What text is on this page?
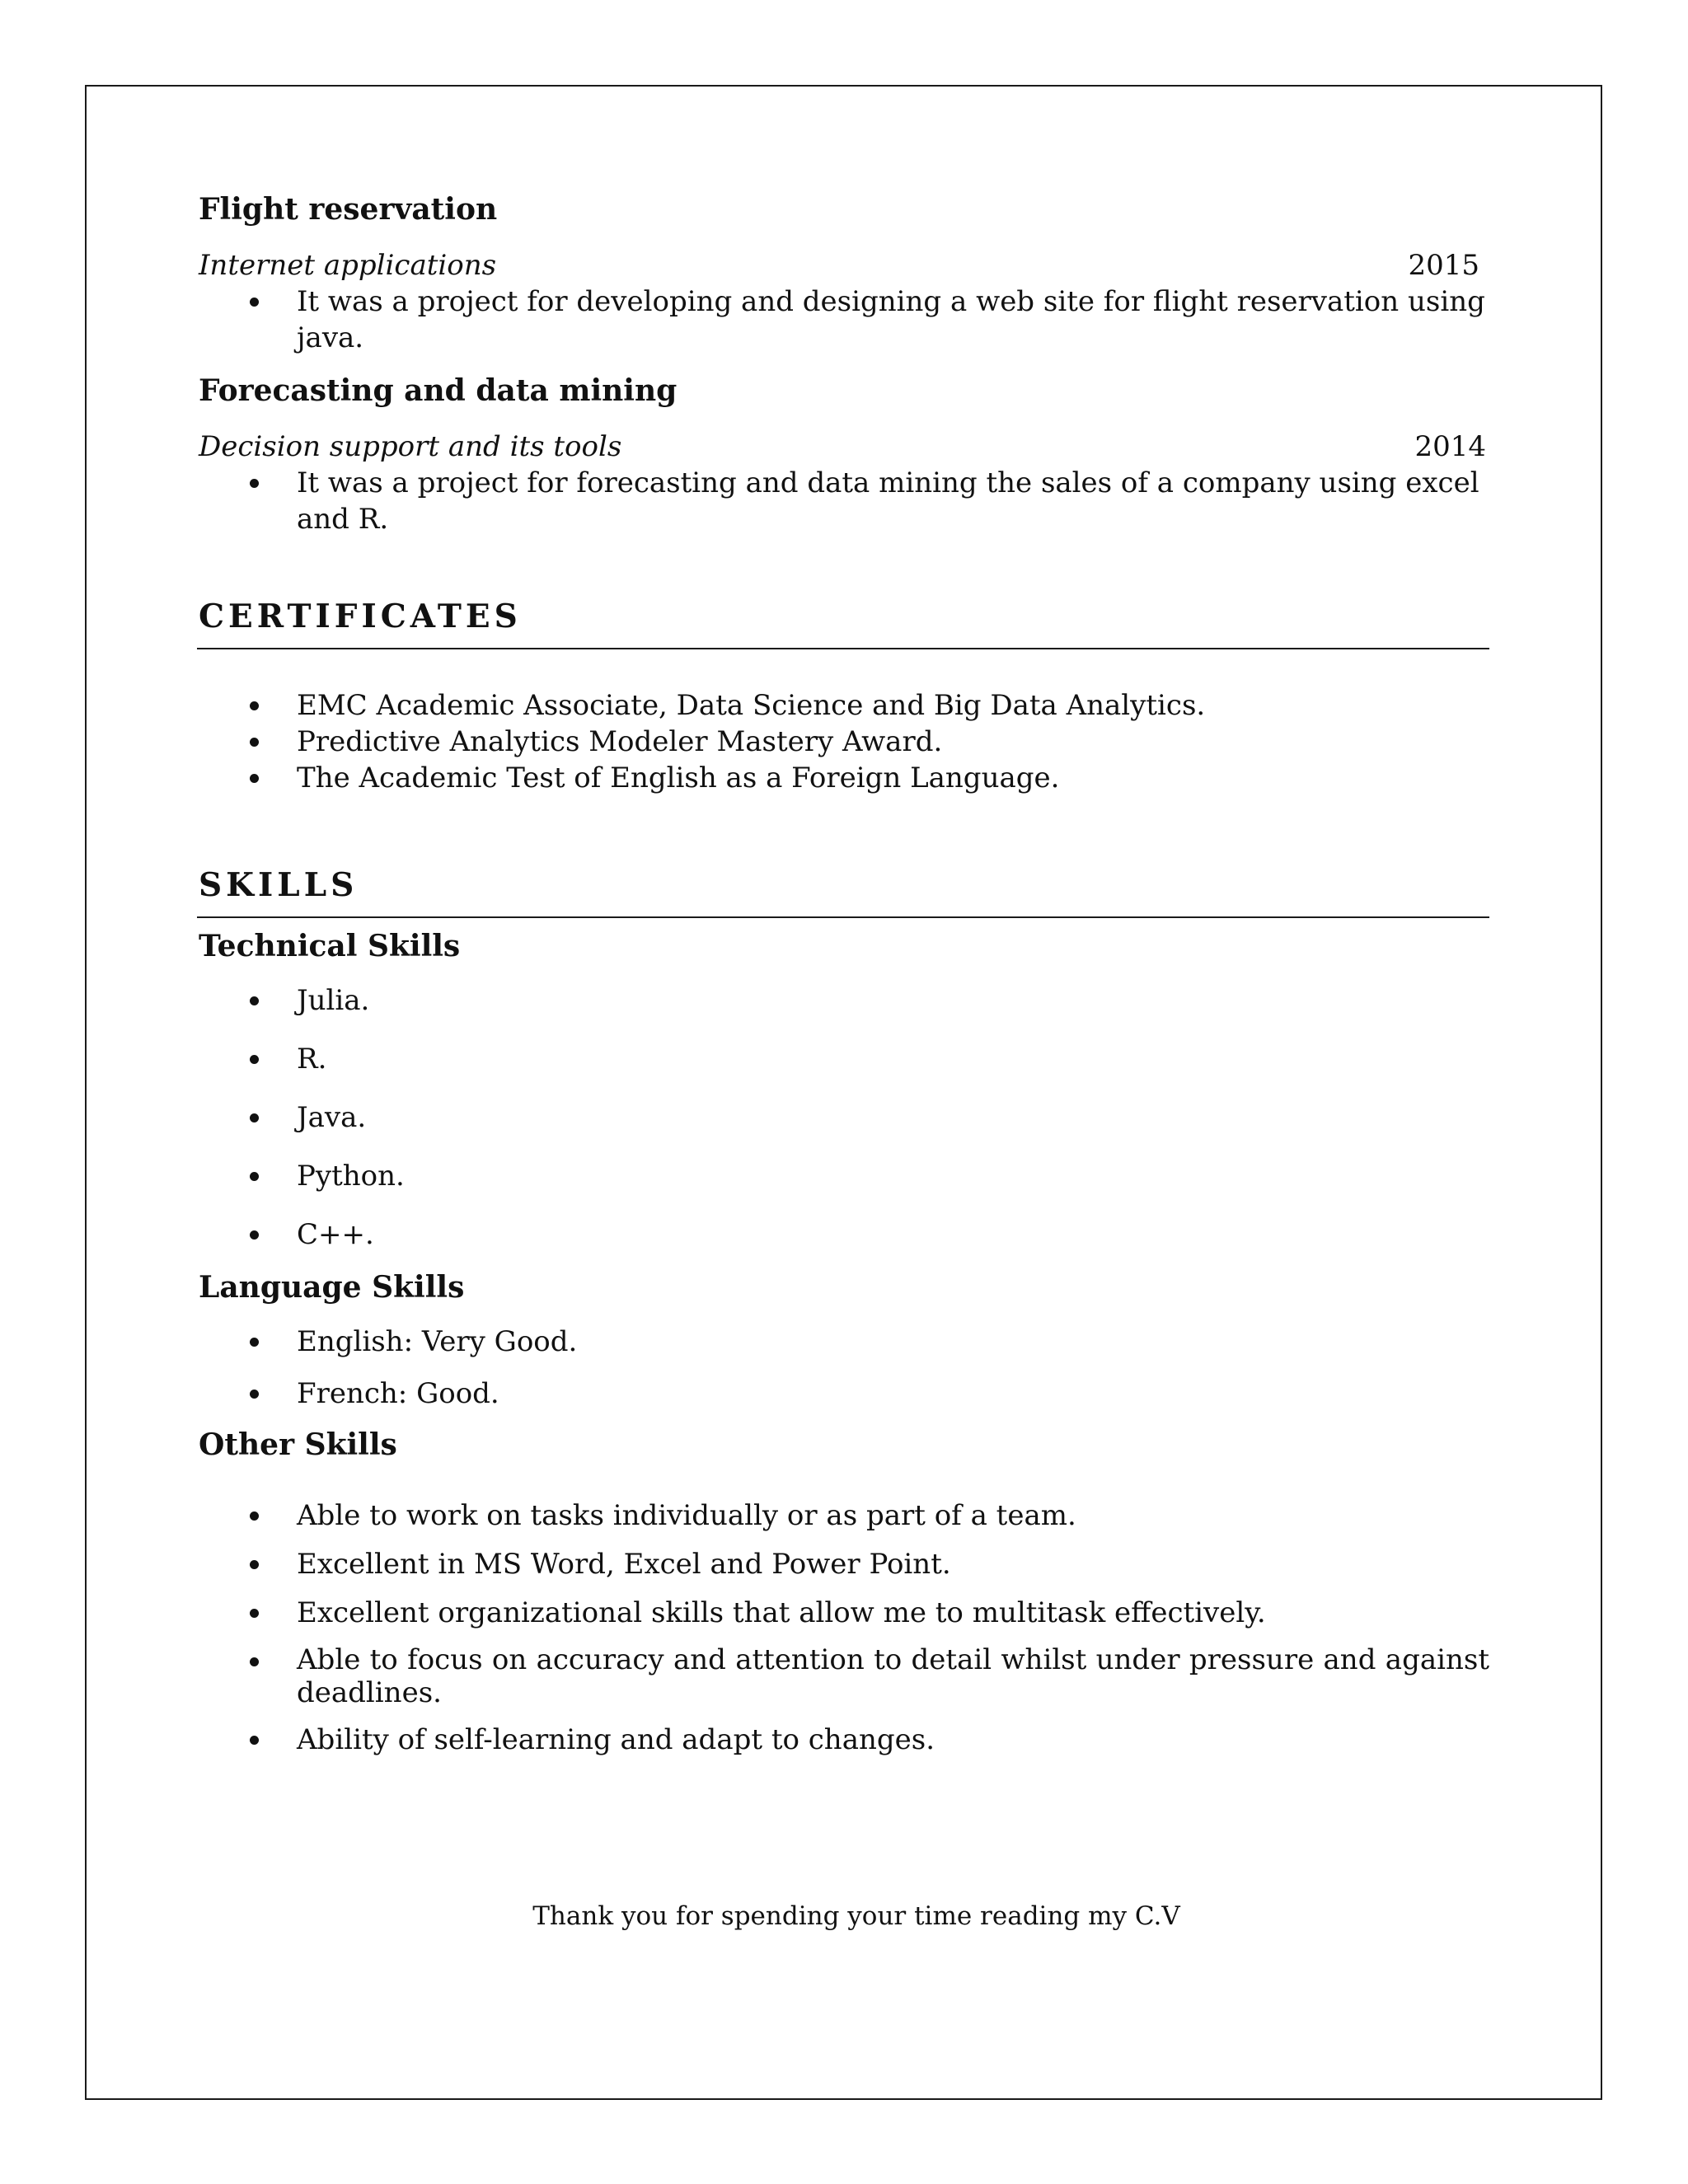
Flight reservation
Internet applications	2015
It was a project for developing and designing a web site for flight reservation using java.
Forecasting and data mining
Decision support and its tools	2014
It was a project for forecasting and data mining the sales of a company using excel and R.
CERTIFICATES
EMC Academic Associate, Data Science and Big Data Analytics.
Predictive Analytics Modeler Mastery Award.
The Academic Test of English as a Foreign Language.
SKILLS
Technical Skills
Julia.
R.
Java.
Python.
C++.
Language Skills
English: Very Good.
French: Good.
Other Skills
Able to work on tasks individually or as part of a team.
Excellent in MS Word, Excel and Power Point.
Excellent organizational skills that allow me to multitask effectively.
Able to focus on accuracy and attention to detail whilst under pressure and against deadlines.
Ability of self-learning and adapt to changes.
Thank you for spending your time reading my C.V
